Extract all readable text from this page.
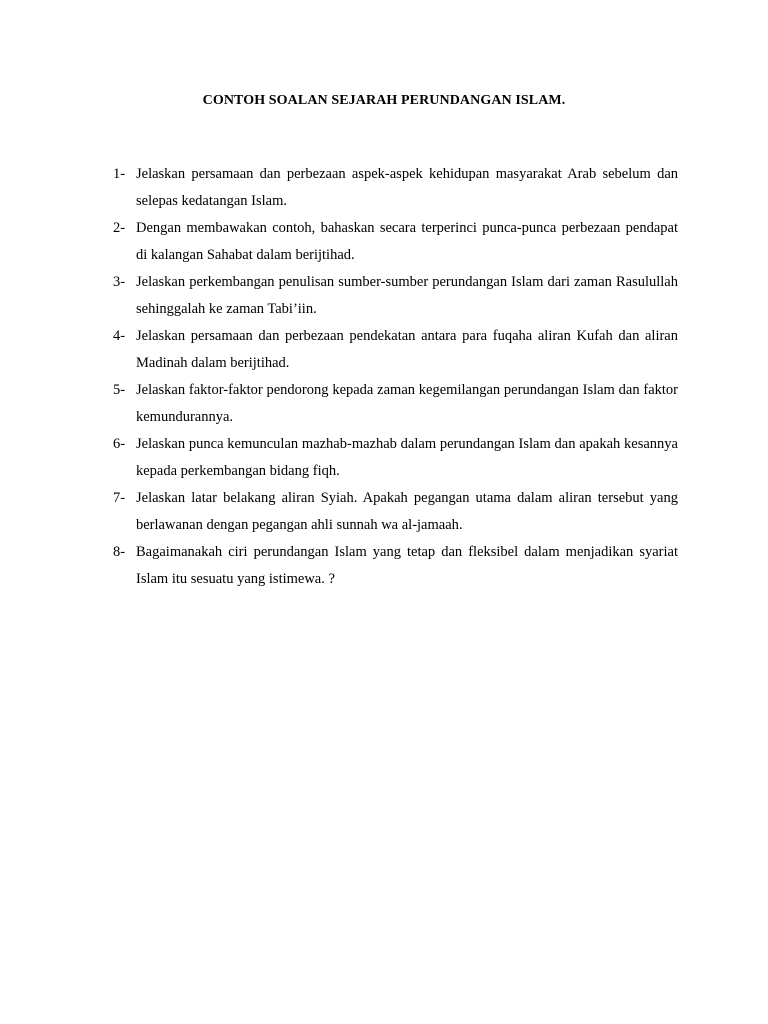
CONTOH SOALAN SEJARAH PERUNDANGAN ISLAM.
1- Jelaskan persamaan dan perbezaan aspek-aspek kehidupan masyarakat Arab sebelum dan selepas kedatangan Islam.
2- Dengan membawakan contoh, bahaskan secara terperinci punca-punca perbezaan pendapat di kalangan Sahabat dalam berijtihad.
3- Jelaskan perkembangan penulisan sumber-sumber perundangan Islam dari zaman Rasulullah sehinggalah ke zaman Tabi’iin.
4- Jelaskan persamaan dan perbezaan pendekatan antara para fuqaha aliran Kufah dan aliran Madinah dalam berijtihad.
5- Jelaskan faktor-faktor pendorong kepada zaman kegemilangan perundangan Islam dan faktor kemundurannya.
6- Jelaskan punca kemunculan mazhab-mazhab dalam perundangan Islam dan apakah kesannya kepada perkembangan bidang fiqh.
7- Jelaskan latar belakang aliran Syiah. Apakah pegangan utama dalam aliran tersebut yang berlawanan dengan pegangan ahli sunnah wa al-jamaah.
8- Bagaimanakah ciri perundangan Islam yang tetap dan fleksibel dalam menjadikan syariat Islam itu sesuatu yang istimewa. ?
